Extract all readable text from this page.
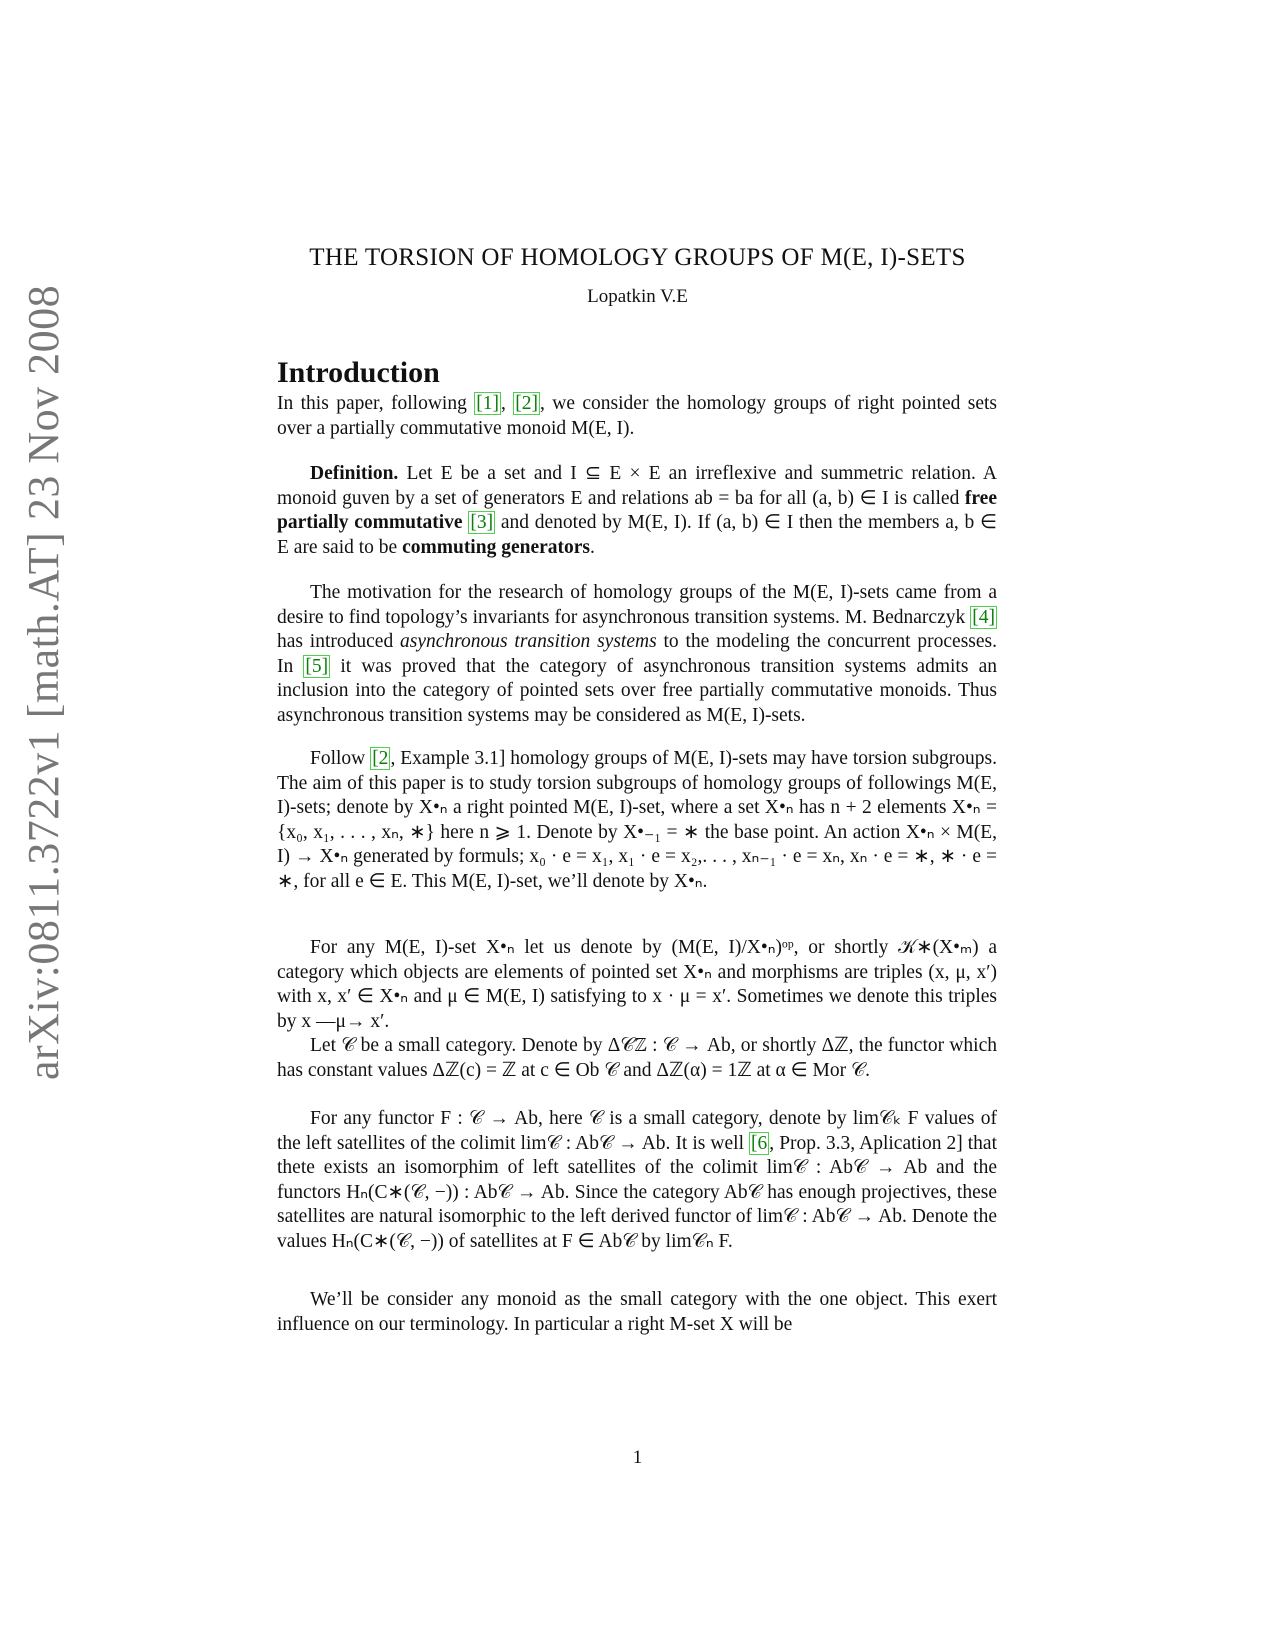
arXiv:0811.3722v1 [math.AT] 23 Nov 2008
THE TORSION OF HOMOLOGY GROUPS OF M(E, I)-SETS
Lopatkin V.E
Introduction
In this paper, following [1] , [2] , we consider the homology groups of right pointed sets over a partially commutative monoid M(E, I).
Definition. Let E be a set and I ⊆ E × E an irreflexive and summetric relation. A monoid guven by a set of generators E and relations ab = ba for all (a, b) ∈ I is called free partially commutative [3] and denoted by M(E, I). If (a, b) ∈ I then the members a, b ∈ E are said to be commuting generators.
The motivation for the research of homology groups of the M(E, I)-sets came from a desire to find topology’s invariants for asynchronous transition systems. M. Bednarczyk [4] has introduced asynchronous transition systems to the modeling the concurrent processes. In [5] it was proved that the category of asynchronous transition systems admits an inclusion into the category of pointed sets over free partially commutative monoids. Thus asynchronous transition systems may be considered as M(E, I)-sets.
Follow [2 , Example 3.1] homology groups of M(E, I)-sets may have torsion subgroups. The aim of this paper is to study torsion subgroups of homology groups of followings M(E, I)-sets; denote by X•ₙ a right pointed M(E, I)-set, where a set X•ₙ has n + 2 elements X•ₙ = {x₀, x₁, . . . , xₙ, ∗} here n ⩾ 1. Denote by X•₋₁ = ∗ the base point. An action X•ₙ × M(E, I) → X•ₙ generated by formuls; x₀ · e = x₁, x₁ · e = x₂,. . . , xₙ₋₁ · e = xₙ, xₙ · e = ∗, ∗ · e = ∗, for all e ∈ E. This M(E, I)-set, we’ll denote by X•ₙ.
For any M(E, I)-set X•ₙ let us denote by (M(E, I)/X•ₙ)ᵒᵖ, or shortly 𝒦∗(X•ₘ) a category which objects are elements of pointed set X•ₙ and morphisms are triples (x, μ, x′) with x, x′ ∈ X•ₙ and μ ∈ M(E, I) satisfying to x · μ = x′. Sometimes we denote this triples by x —μ→ x′.
Let 𝒞 be a small category. Denote by Δ𝒞ℤ : 𝒞 → Ab, or shortly Δℤ, the functor which has constant values Δℤ(c) = ℤ at c ∈ Ob 𝒞 and Δℤ(α) = 1ℤ at α ∈ Mor 𝒞.
For any functor F : 𝒞 → Ab, here 𝒞 is a small category, denote by lim𝒞ₖ F values of the left satellites of the colimit lim𝒞 : Ab𝒞 → Ab. It is well [6 , Prop. 3.3, Aplication 2] that thete exists an isomorphim of left satellites of the colimit lim𝒞 : Ab𝒞 → Ab and the functors Hₙ(C∗(𝒞, −)) : Ab𝒞 → Ab. Since the category Ab𝒞 has enough projectives, these satellites are natural isomorphic to the left derived functor of lim𝒞 : Ab𝒞 → Ab. Denote the values Hₙ(C∗(𝒞, −)) of satellites at F ∈ Ab𝒞 by lim𝒞ₙ F.
We’ll be consider any monoid as the small category with the one object. This exert influence on our terminology. In particular a right M-set X will be
1
